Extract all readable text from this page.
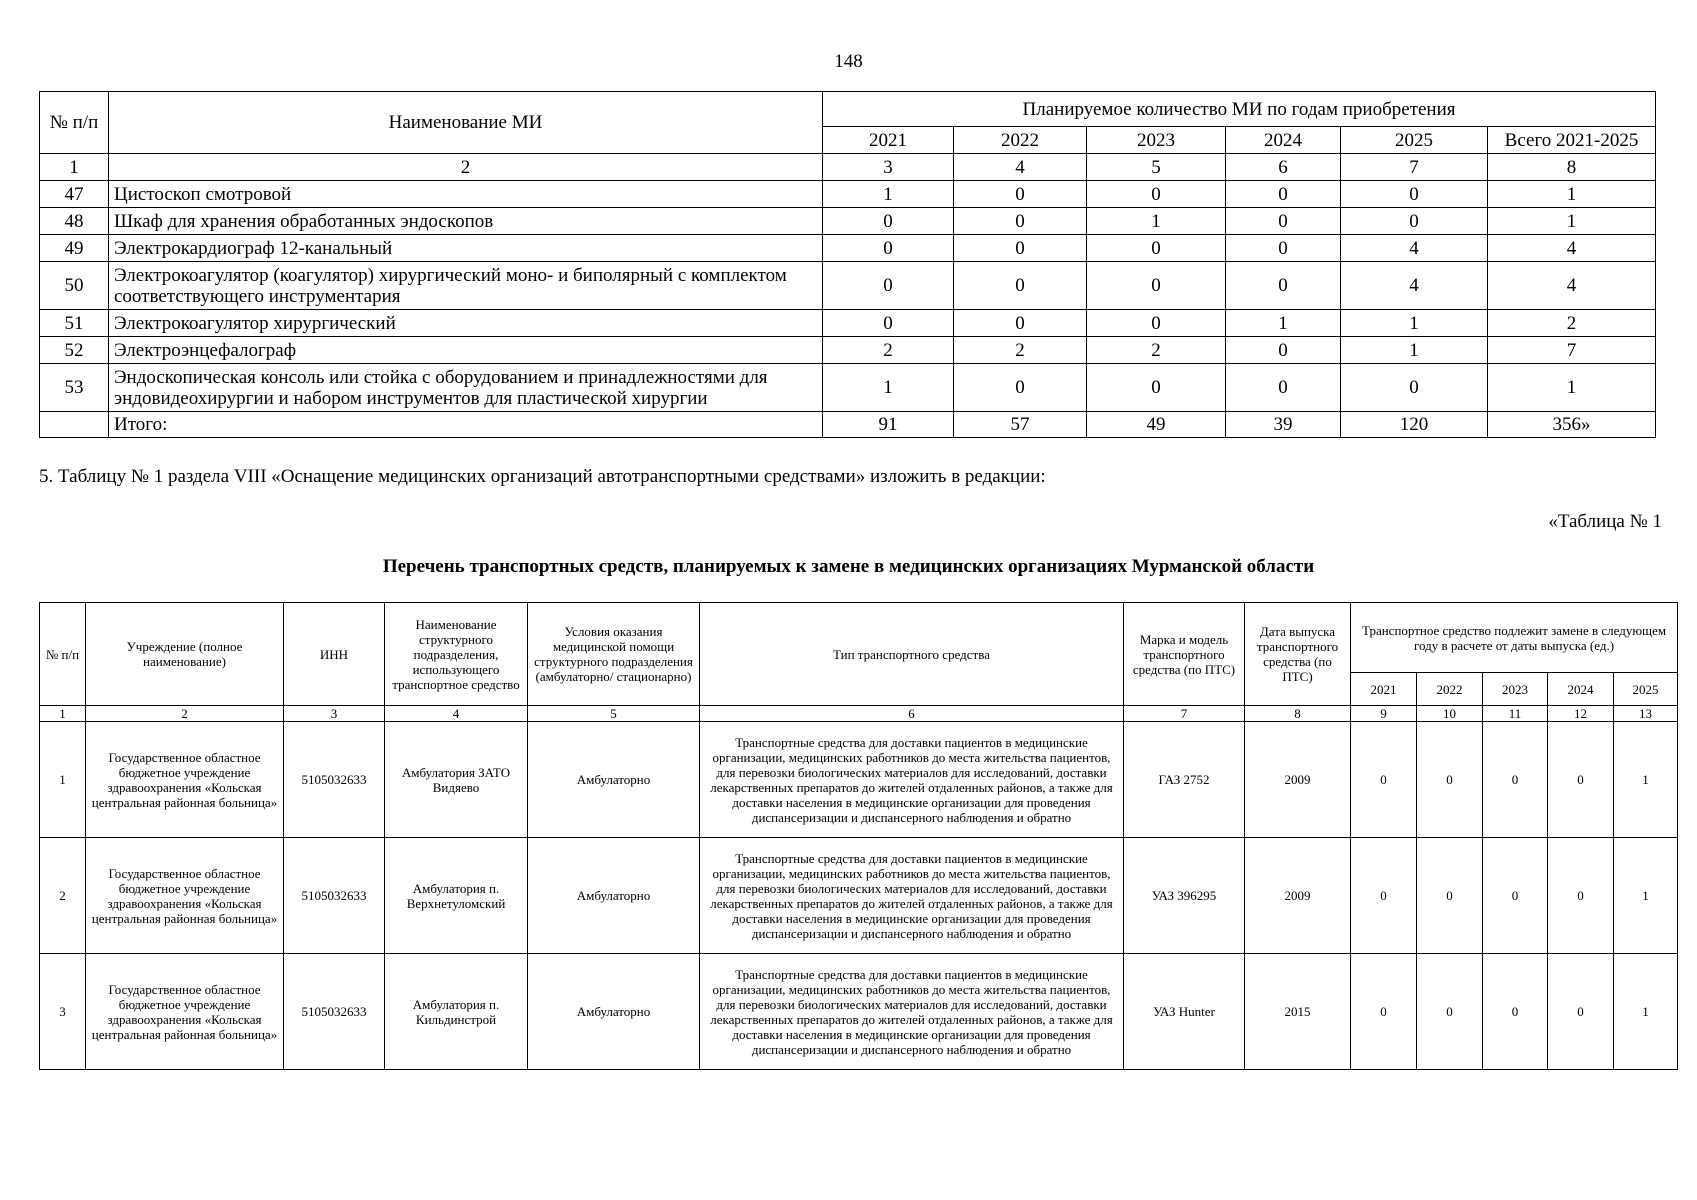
148
№ п/п	Наименование МИ	Планируемое количество МИ по годам приобретения					
		2021	2022	2023	2024	2025	Всего 2021-2025
1	2	3	4	5	6	7	8
47	Цистоскоп смотровой	1	0	0	0	0	1
48	Шкаф для хранения обработанных эндоскопов	0	0	1	0	0	1
49	Электрокардиограф 12-канальный	0	0	0	0	4	4
50	Электрокоагулятор (коагулятор) хирургический моно- и биполярный с комплектом соответствующего инструментария	0	0	0	0	4	4
51	Электрокоагулятор хирургический	0	0	0	1	1	2
52	Электроэнцефалограф	2	2	2	0	1	7
53	Эндоскопическая консоль или стойка с оборудованием и принадлежностями для эндовидеохирургии и набором инструментов для пластической хирургии	1	0	0	0	0	1
	Итого:	91	57	49	39	120	356»
5. Таблицу № 1 раздела VIII «Оснащение медицинских организаций автотранспортными средствами» изложить в редакции:
«Таблица № 1
Перечень транспортных средств, планируемых к замене в медицинских организациях Мурманской области
№ п/п	Учреждение (полное наименование)	ИНН	Наименование структурного подразделения, использующего транспортное средство	Условия оказания медицинской помощи структурного подразделения (амбулаторно/ стационарно)	Тип транспортного средства	Марка и модель транспортного средства (по ПТС)	Дата выпуска транспортного средства (по ПТС)	Транспортное средство подлежит замене в следующем году в расчете от даты выпуска (ед.)				
								2021	2022	2023	2024	2025
1	2	3	4	5	6	7	8	9	10	11	12	13
1	Государственное областное бюджетное учреждение здравоохранения «Кольская центральная районная больница»	5105032633	Амбулатория ЗАТО Видяево	Амбулаторно	Транспортные средства для доставки пациентов в медицинские организации, медицинских работников до места жительства пациентов, для перевозки биологических материалов для исследований, доставки лекарственных препаратов до жителей отдаленных районов, а также для доставки населения в медицинские организации для проведения диспансеризации и диспансерного наблюдения и обратно	ГАЗ 2752	2009	0	0	0	0	1
2	Государственное областное бюджетное учреждение здравоохранения «Кольская центральная районная больница»	5105032633	Амбулатория п. Верхнетуломский	Амбулаторно	Транспортные средства для доставки пациентов в медицинские организации, медицинских работников до места жительства пациентов, для перевозки биологических материалов для исследований, доставки лекарственных препаратов до жителей отдаленных районов, а также для доставки населения в медицинские организации для проведения диспансеризации и диспансерного наблюдения и обратно	УАЗ 396295	2009	0	0	0	0	1
3	Государственное областное бюджетное учреждение здравоохранения «Кольская центральная районная больница»	5105032633	Амбулатория п. Кильдинстрой	Амбулаторно	Транспортные средства для доставки пациентов в медицинские организации, медицинских работников до места жительства пациентов, для перевозки биологических материалов для исследований, доставки лекарственных препаратов до жителей отдаленных районов, а также для доставки населения в медицинские организации для проведения диспансеризации и диспансерного наблюдения и обратно	УАЗ Hunter	2015	0	0	0	0	1
